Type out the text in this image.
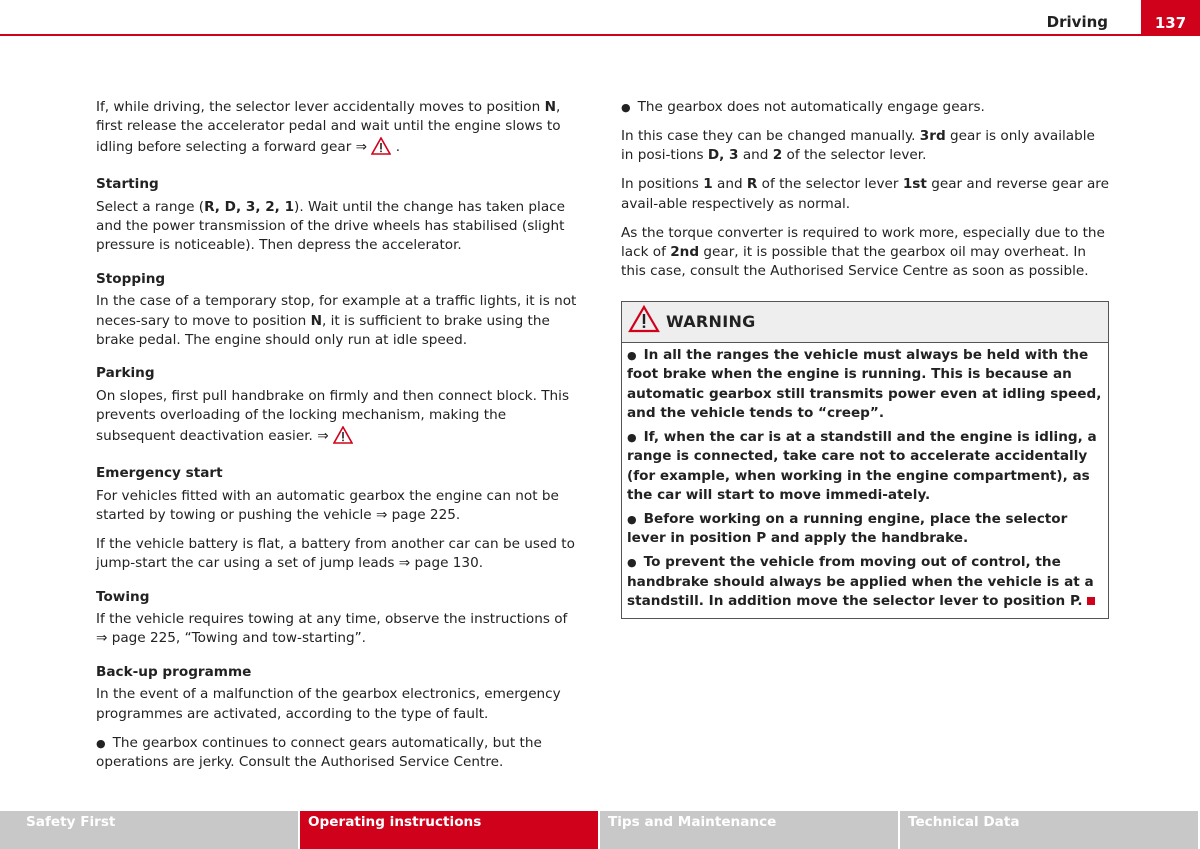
Driving	137

If, while driving, the selector lever accidentally moves to position N, first release the accelerator pedal and wait until the engine slows to idling before selecting a forward gear ⇒  .

Starting

Select a range (R, D, 3, 2, 1). Wait until the change has taken place and the power transmission of the drive wheels has stabilised (slight pressure is noticeable). Then depress the accelerator.

Stopping

In the case of a temporary stop, for example at a traffic lights, it is not neces-sary to move to position N, it is sufficient to brake using the brake pedal. The engine should only run at idle speed.

Parking

On slopes, first pull handbrake on firmly and then connect block. This prevents overloading of the locking mechanism, making the subsequent deactivation easier. ⇒

Emergency start

For vehicles fitted with an automatic gearbox the engine can not be started by towing or pushing the vehicle ⇒ page 225.

If the vehicle battery is flat, a battery from another car can be used to jump-start the car using a set of jump leads ⇒ page 130.

Towing

If the vehicle requires towing at any time, observe the instructions of
⇒ page 225, “Towing and tow-starting”.

Back-up programme

In the event of a malfunction of the gearbox electronics, emergency programmes are activated, according to the type of fault.

● The gearbox continues to connect gears automatically, but the operations are jerky. Consult the Authorised Service Centre.

● The gearbox does not automatically engage gears.

In this case they can be changed manually. 3rd gear is only available in posi-tions D, 3 and 2 of the selector lever.

In positions 1 and R of the selector lever 1st gear and reverse gear are avail-able respectively as normal.

As the torque converter is required to work more, especially due to the lack of 2nd gear, it is possible that the gearbox oil may overheat. In this case, consult the Authorised Service Centre as soon as possible.

WARNING
● In all the ranges the vehicle must always be held with the foot brake when the engine is running. This is because an automatic gearbox still transmits power even at idling speed, and the vehicle tends to “creep”.
● If, when the car is at a standstill and the engine is idling, a range is connected, take care not to accelerate accidentally (for example, when working in the engine compartment), as the car will start to move immedi-ately.
● Before working on a running engine, place the selector lever in position P and apply the handbrake.
● To prevent the vehicle from moving out of control, the handbrake should always be applied when the vehicle is at a standstill. In addition move the selector lever to position P.
Safety First	Operating instructions	Tips and Maintenance	Technical Data
